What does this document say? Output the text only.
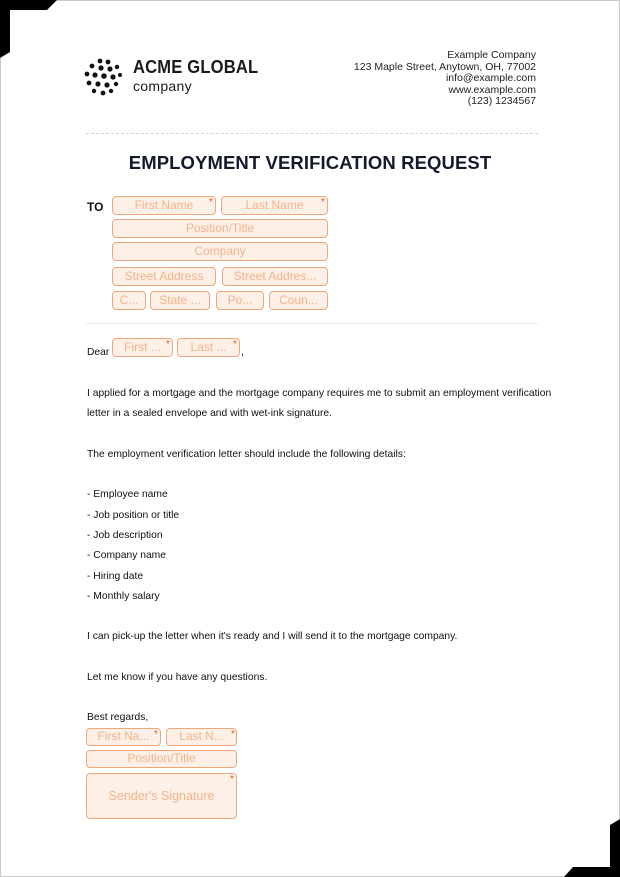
ACME GLOBAL
company
Example Company
123 Maple Street, Anytown, OH, 77002
info@example.com
www.example.com
(123) 1234567
EMPLOYMENT VERIFICATION REQUEST
TO	First Name	*	Last Name	*
Position/Title
Company
Street Address	Street Addres...
C...	State ...	Po...	Coun...
Dear	First ... *	Last ... *
,
I applied for a mortgage and the mortgage company requires me to submit an employment verification
letter in a sealed envelope and with wet-ink signature.
The employment verification letter should include the following details:
- Employee name
- Job position or title
- Job description
- Company name
- Hiring date
- Monthly salary
I can pick-up the letter when it's ready and I will send it to the mortgage company.
Let me know if you have any questions.
Best regards,
First Na... *	Last N... *
Position/Title
Sender's Signature
*
